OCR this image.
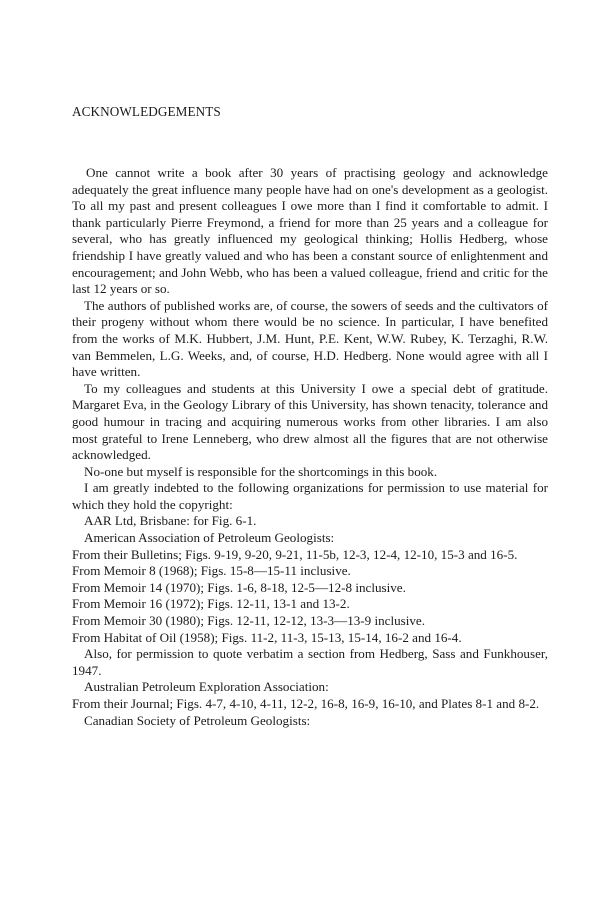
ACKNOWLEDGEMENTS

One cannot write a book after 30 years of practising geology and acknowledge adequately the great influence many people have had on one's development as a geologist. To all my past and present colleagues I owe more than I find it comfortable to admit. I thank particularly Pierre Freymond, a friend for more than 25 years and a colleague for several, who has greatly influenced my geological thinking; Hollis Hedberg, whose friendship I have greatly valued and who has been a constant source of enlightenment and encouragement; and John Webb, who has been a valued colleague, friend and critic for the last 12 years or so.

The authors of published works are, of course, the sowers of seeds and the cultivators of their progeny without whom there would be no science. In particular, I have benefited from the works of M.K. Hubbert, J.M. Hunt, P.E. Kent, W.W. Rubey, K. Terzaghi, R.W. van Bemmelen, L.G. Weeks, and, of course, H.D. Hedberg. None would agree with all I have written.

To my colleagues and students at this University I owe a special debt of gratitude. Margaret Eva, in the Geology Library of this University, has shown tenacity, tolerance and good humour in tracing and acquiring numerous works from other libraries. I am also most grateful to Irene Lenneberg, who drew almost all the figures that are not otherwise acknowledged.

No-one but myself is responsible for the shortcomings in this book.

I am greatly indebted to the following organizations for permission to use material for which they hold the copyright:

AAR Ltd, Brisbane: for Fig. 6-1.

American Association of Petroleum Geologists:

From their Bulletins; Figs. 9-19, 9-20, 9-21, 11-5b, 12-3, 12-4, 12-10, 15-3 and 16-5.

From Memoir 8 (1968); Figs. 15-8—15-11 inclusive.

From Memoir 14 (1970); Figs. 1-6, 8-18, 12-5—12-8 inclusive.

From Memoir 16 (1972); Figs. 12-11, 13-1 and 13-2.

From Memoir 30 (1980); Figs. 12-11, 12-12, 13-3—13-9 inclusive.

From Habitat of Oil (1958); Figs. 11-2, 11-3, 15-13, 15-14, 16-2 and 16-4.

Also, for permission to quote verbatim a section from Hedberg, Sass and Funkhouser, 1947.

Australian Petroleum Exploration Association:

From their Journal; Figs. 4-7, 4-10, 4-11, 12-2, 16-8, 16-9, 16-10, and Plates 8-1 and 8-2.

Canadian Society of Petroleum Geologists:
